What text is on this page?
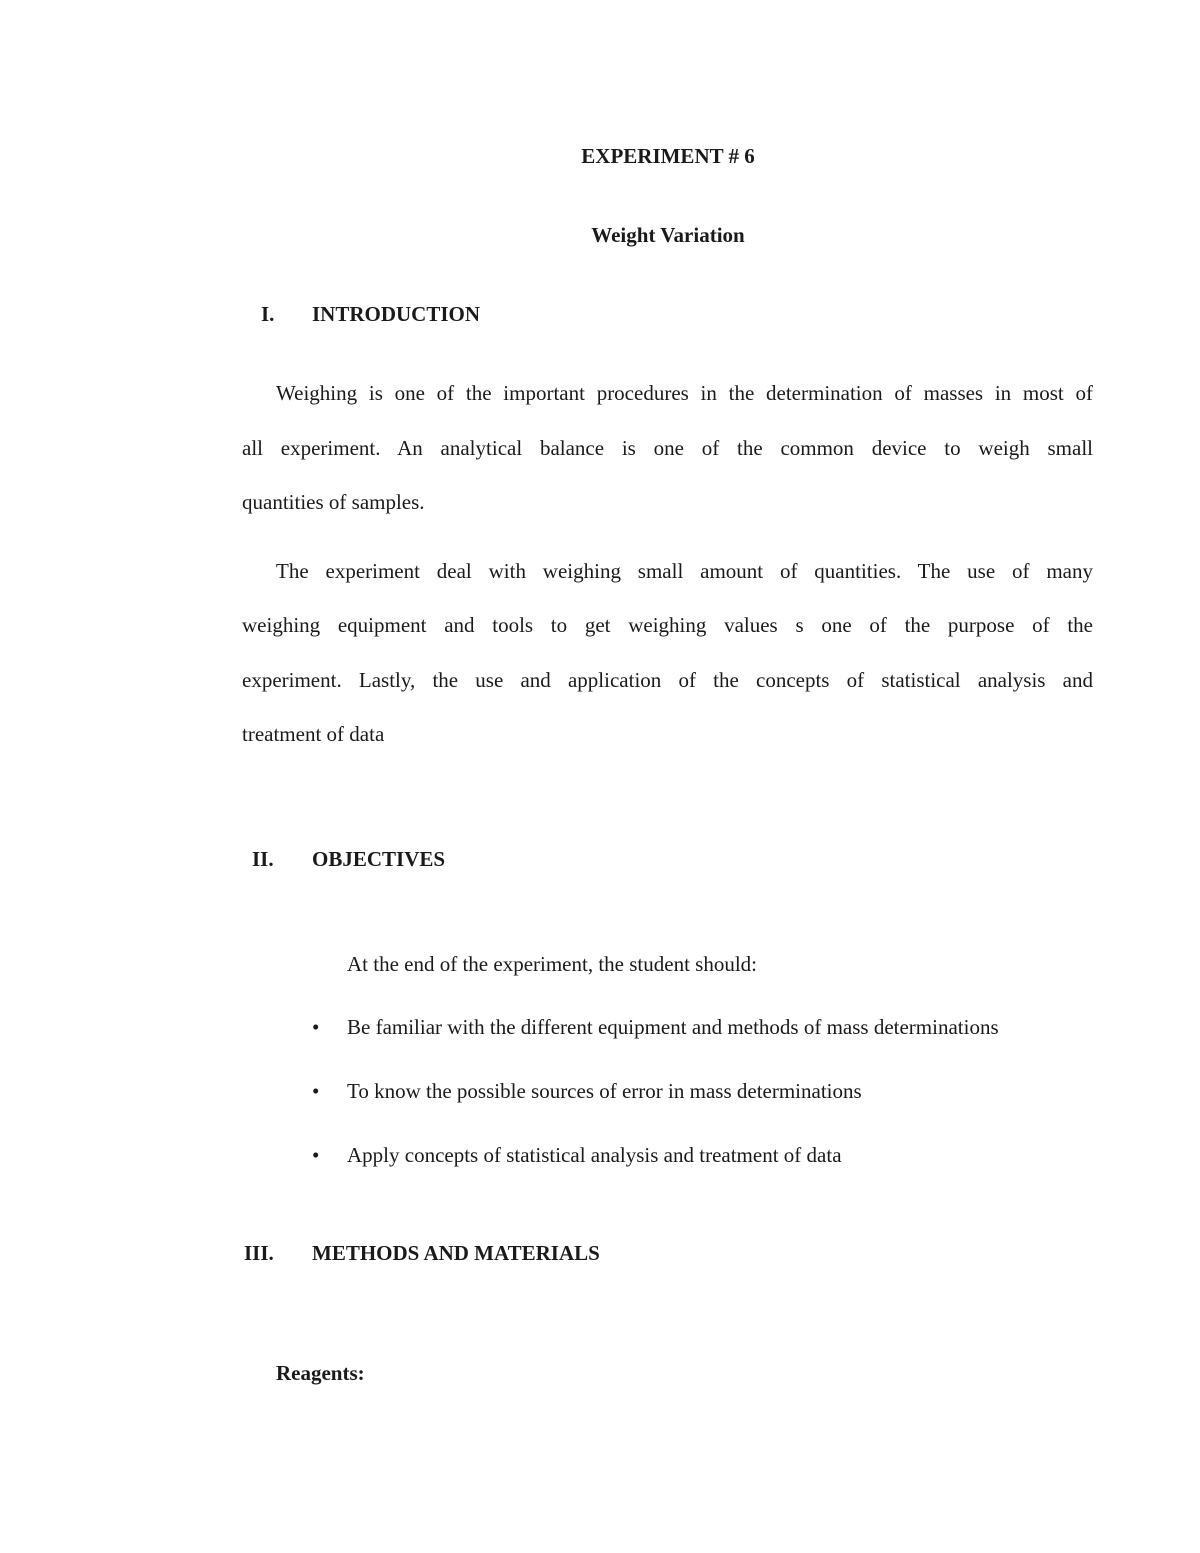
EXPERIMENT # 6
Weight Variation
I.	INTRODUCTION
Weighing is one of the important procedures in the determination of masses in most of
all experiment. An analytical balance is one of the common device to weigh small
quantities of samples.
The experiment deal with weighing small amount of quantities. The use of many
weighing equipment and tools to get weighing values s one of the purpose of the
experiment. Lastly, the use and application of the concepts of statistical analysis and
treatment of data
II.	OBJECTIVES
At the end of the experiment, the student should:
• Be familiar with the different equipment and methods of mass determinations
• To know the possible sources of error in mass determinations
• Apply concepts of statistical analysis and treatment of data
III.	METHODS AND MATERIALS
Reagents:
